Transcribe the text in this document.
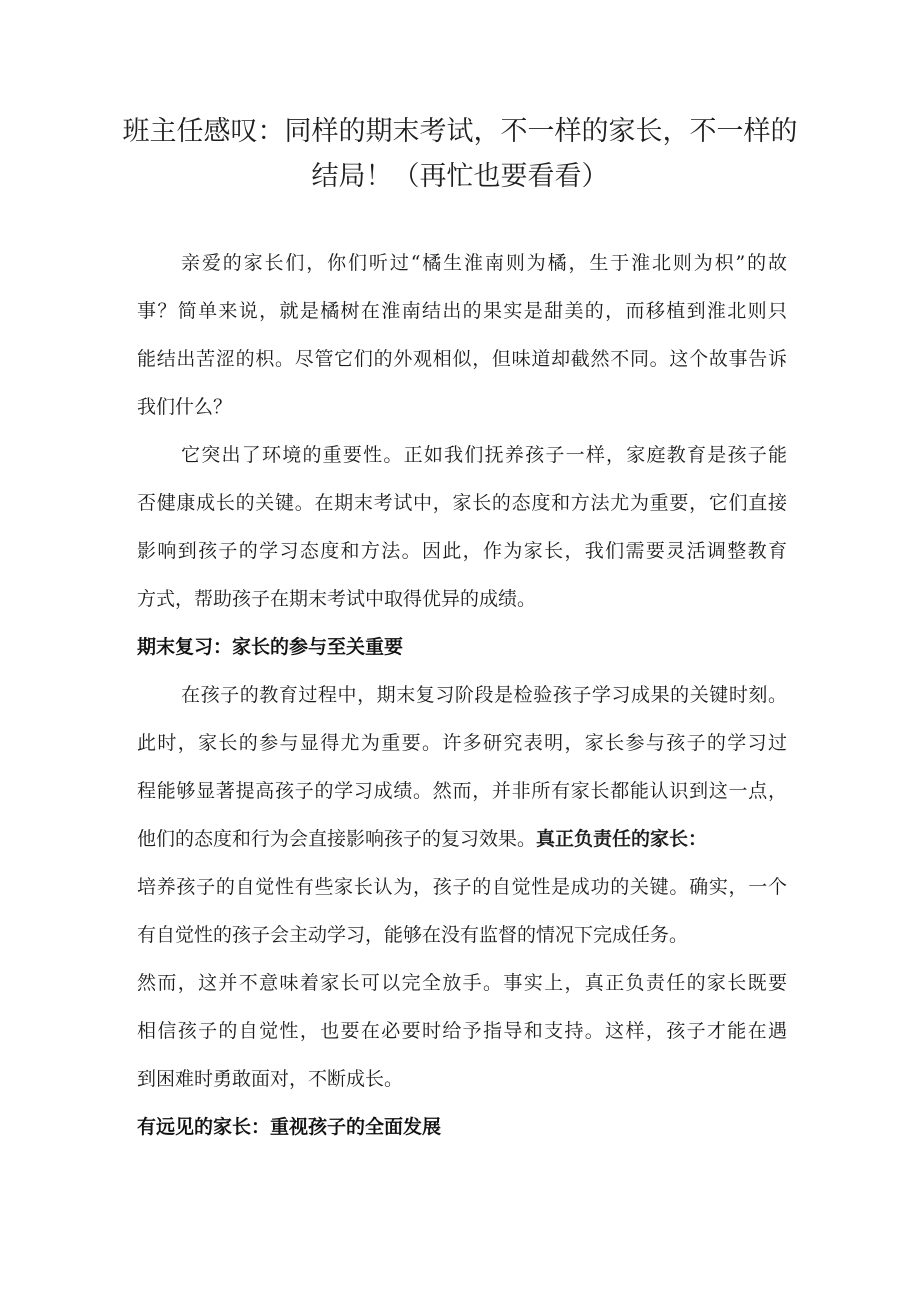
班主任感叹：同样的期末考试，不一样的家长，不一样的
结局！（再忙也要看看）
亲爱的家长们，你们听过“橘生淮南则为橘，生于淮北则为枳”的故
事？简单来说，就是橘树在淮南结出的果实是甜美的，而移植到淮北则只
能结出苦涩的枳。尽管它们的外观相似，但味道却截然不同。这个故事告诉
我们什么？
它突出了环境的重要性。正如我们抚养孩子一样，家庭教育是孩子能
否健康成长的关键。在期末考试中，家长的态度和方法尤为重要，它们直接
影响到孩子的学习态度和方法。因此，作为家长，我们需要灵活调整教育
方式，帮助孩子在期末考试中取得优异的成绩。
期末复习：家长的参与至关重要
在孩子的教育过程中，期末复习阶段是检验孩子学习成果的关键时刻。
此时，家长的参与显得尤为重要。许多研究表明，家长参与孩子的学习过
程能够显著提高孩子的学习成绩。然而，并非所有家长都能认识到这一点，
他们的态度和行为会直接影响孩子的复习效果。真正负责任的家长：
培养孩子的自觉性有些家长认为，孩子的自觉性是成功的关键。确实，一个
有自觉性的孩子会主动学习，能够在没有监督的情况下完成任务。
然而，这并不意味着家长可以完全放手。事实上，真正负责任的家长既要
相信孩子的自觉性，也要在必要时给予指导和支持。这样，孩子才能在遇
到困难时勇敢面对，不断成长。
有远见的家长：重视孩子的全面发展
